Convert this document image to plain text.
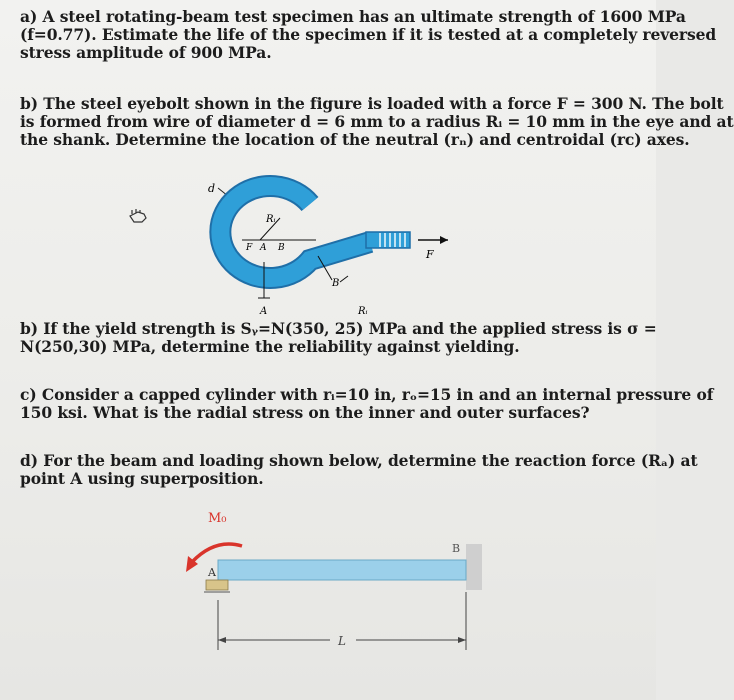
a) A steel rotating-beam test specimen has an ultimate strength of 1600 MPa
(f=0.77). Estimate the life of the specimen if it is tested at a completely reversed
stress amplitude of 900 MPa.
b) The steel eyebolt shown in the figure is loaded with a force F = 300 N. The bolt
is formed from wire of diameter d = 6 mm to a radius Rᵢ = 10 mm in the eye and at
the shank. Determine the location of the neutral (rₙ) and centroidal (rᴄ) axes.
d
F
Rᵢ
F A B
B
A	Rᵢ
b) If the yield strength is Sᵧ=N(350, 25) MPa and the applied stress is σ =
N(250,30) MPa, determine the reliability against yielding.
c) Consider a capped cylinder with rᵢ=10 in, rₒ=15 in and an internal pressure of
150 ksi. What is the radial stress on the inner and outer surfaces?
d) For the beam and loading shown below, determine the reaction force (Rₐ) at
point A using superposition.
M₀
B
A
L
